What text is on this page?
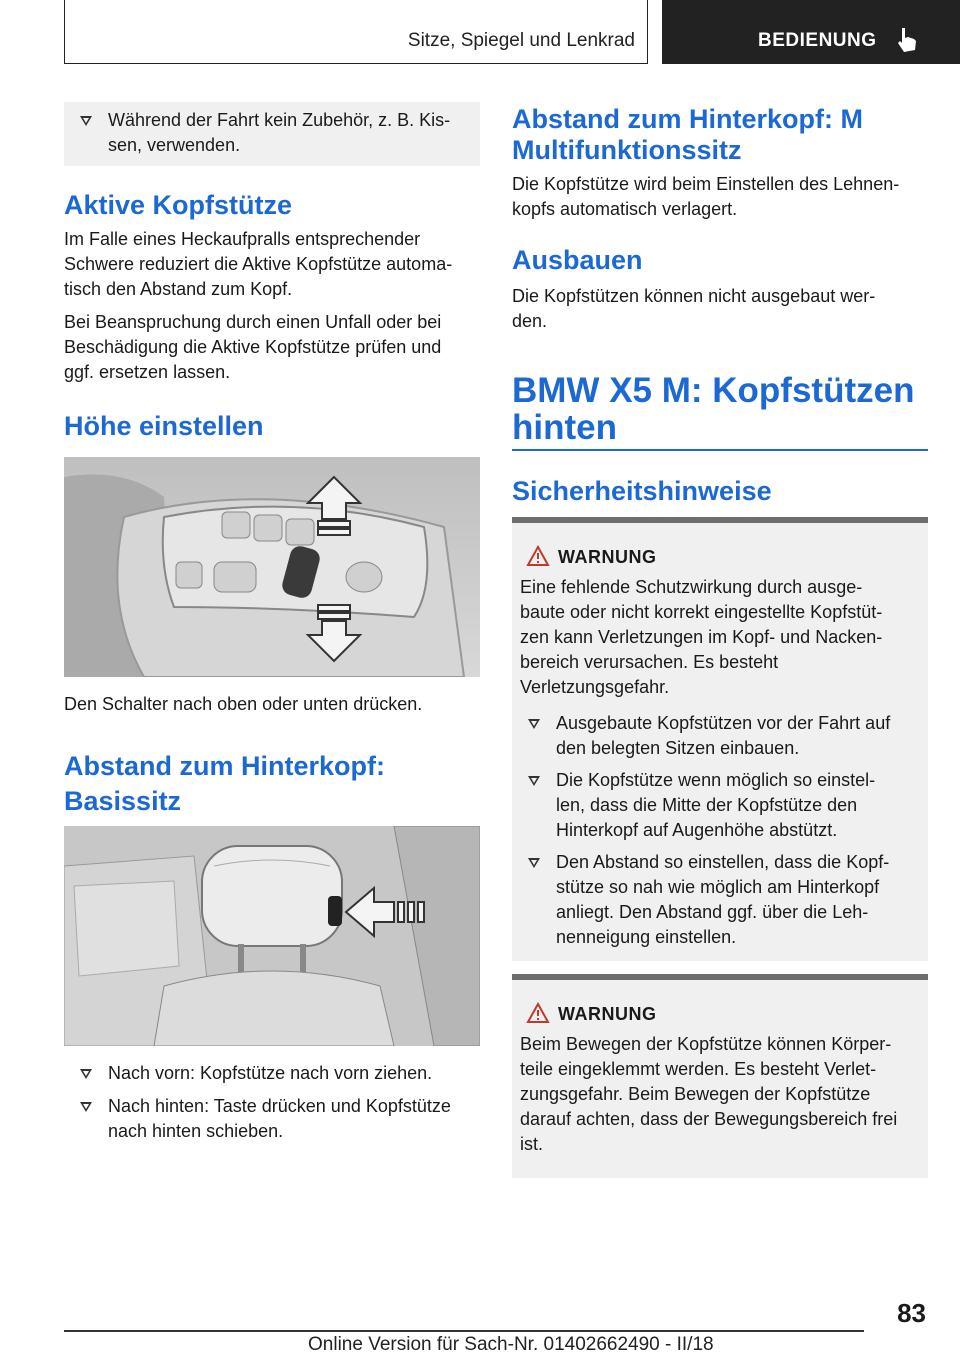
Sitze, Spiegel und Lenkrad	BEDIENUNG
Während der Fahrt kein Zubehör, z. B. Kis‐
sen, verwenden.
Aktive Kopfstütze

Im Falle eines Heckaufpralls entsprechender
Schwere reduziert die Aktive Kopfstütze automa‐
tisch den Abstand zum Kopf.

Bei Beanspruchung durch einen Unfall oder bei
Beschädigung die Aktive Kopfstütze prüfen und
ggf. ersetzen lassen.

Höhe einstellen

Den Schalter nach oben oder unten drücken.

Abstand zum Hinterkopf:
Basissitz
Nach vorn: Kopfstütze nach vorn ziehen.
Nach hinten: Taste drücken und Kopfstütze
nach hinten schieben.
Abstand zum Hinterkopf: M
Multifunktionssitz

Die Kopfstütze wird beim Einstellen des Lehnen‐
kopfs automatisch verlagert.

Ausbauen

Die Kopfstützen können nicht ausgebaut wer‐
den.

BMW X5 M: Kopfstützen
hinten
Sicherheitshinweise
WARNUNG
Eine fehlende Schutzwirkung durch ausge‐
baute oder nicht korrekt eingestellte Kopfstüt‐
zen kann Verletzungen im Kopf- und Nacken‐
bereich verursachen. Es besteht
Verletzungsgefahr.
Ausgebaute Kopfstützen vor der Fahrt auf
den belegten Sitzen einbauen.
Die Kopfstütze wenn möglich so einstel‐
len, dass die Mitte der Kopfstütze den
Hinterkopf auf Augenhöhe abstützt.
Den Abstand so einstellen, dass die Kopf‐
stütze so nah wie möglich am Hinterkopf
anliegt. Den Abstand ggf. über die Leh‐
nenneigung einstellen.
WARNUNG
Beim Bewegen der Kopfstütze können Körper‐
teile eingeklemmt werden. Es besteht Verlet‐
zungsgefahr. Beim Bewegen der Kopfstütze
darauf achten, dass der Bewegungsbereich frei
ist.
83
Online Version für Sach-Nr. 01402662490 - II/18
